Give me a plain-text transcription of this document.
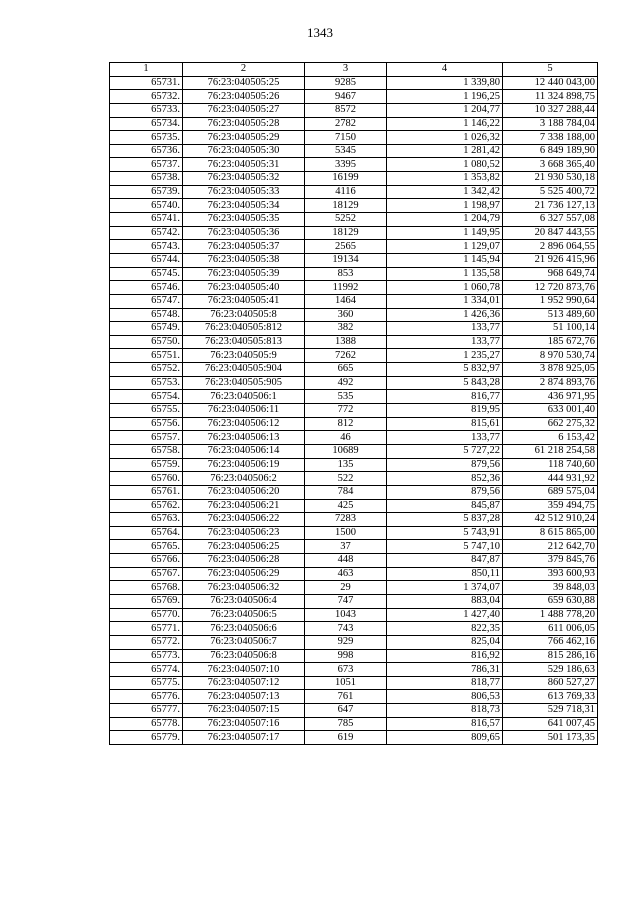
1343
1	2	3	4	5
65731.	76:23:040505:25	9285	1 339,80	12 440 043,00
65732.	76:23:040505:26	9467	1 196,25	11 324 898,75
65733.	76:23:040505:27	8572	1 204,77	10 327 288,44
65734.	76:23:040505:28	2782	1 146,22	3 188 784,04
65735.	76:23:040505:29	7150	1 026,32	7 338 188,00
65736.	76:23:040505:30	5345	1 281,42	6 849 189,90
65737.	76:23:040505:31	3395	1 080,52	3 668 365,40
65738.	76:23:040505:32	16199	1 353,82	21 930 530,18
65739.	76:23:040505:33	4116	1 342,42	5 525 400,72
65740.	76:23:040505:34	18129	1 198,97	21 736 127,13
65741.	76:23:040505:35	5252	1 204,79	6 327 557,08
65742.	76:23:040505:36	18129	1 149,95	20 847 443,55
65743.	76:23:040505:37	2565	1 129,07	2 896 064,55
65744.	76:23:040505:38	19134	1 145,94	21 926 415,96
65745.	76:23:040505:39	853	1 135,58	968 649,74
65746.	76:23:040505:40	11992	1 060,78	12 720 873,76
65747.	76:23:040505:41	1464	1 334,01	1 952 990,64
65748.	76:23:040505:8	360	1 426,36	513 489,60
65749.	76:23:040505:812	382	133,77	51 100,14
65750.	76:23:040505:813	1388	133,77	185 672,76
65751.	76:23:040505:9	7262	1 235,27	8 970 530,74
65752.	76:23:040505:904	665	5 832,97	3 878 925,05
65753.	76:23:040505:905	492	5 843,28	2 874 893,76
65754.	76:23:040506:1	535	816,77	436 971,95
65755.	76:23:040506:11	772	819,95	633 001,40
65756.	76:23:040506:12	812	815,61	662 275,32
65757.	76:23:040506:13	46	133,77	6 153,42
65758.	76:23:040506:14	10689	5 727,22	61 218 254,58
65759.	76:23:040506:19	135	879,56	118 740,60
65760.	76:23:040506:2	522	852,36	444 931,92
65761.	76:23:040506:20	784	879,56	689 575,04
65762.	76:23:040506:21	425	845,87	359 494,75
65763.	76:23:040506:22	7283	5 837,28	42 512 910,24
65764.	76:23:040506:23	1500	5 743,91	8 615 865,00
65765.	76:23:040506:25	37	5 747,10	212 642,70
65766.	76:23:040506:28	448	847,87	379 845,76
65767.	76:23:040506:29	463	850,11	393 600,93
65768.	76:23:040506:32	29	1 374,07	39 848,03
65769.	76:23:040506:4	747	883,04	659 630,88
65770.	76:23:040506:5	1043	1 427,40	1 488 778,20
65771.	76:23:040506:6	743	822,35	611 006,05
65772.	76:23:040506:7	929	825,04	766 462,16
65773.	76:23:040506:8	998	816,92	815 286,16
65774.	76:23:040507:10	673	786,31	529 186,63
65775.	76:23:040507:12	1051	818,77	860 527,27
65776.	76:23:040507:13	761	806,53	613 769,33
65777.	76:23:040507:15	647	818,73	529 718,31
65778.	76:23:040507:16	785	816,57	641 007,45
65779.	76:23:040507:17	619	809,65	501 173,35
